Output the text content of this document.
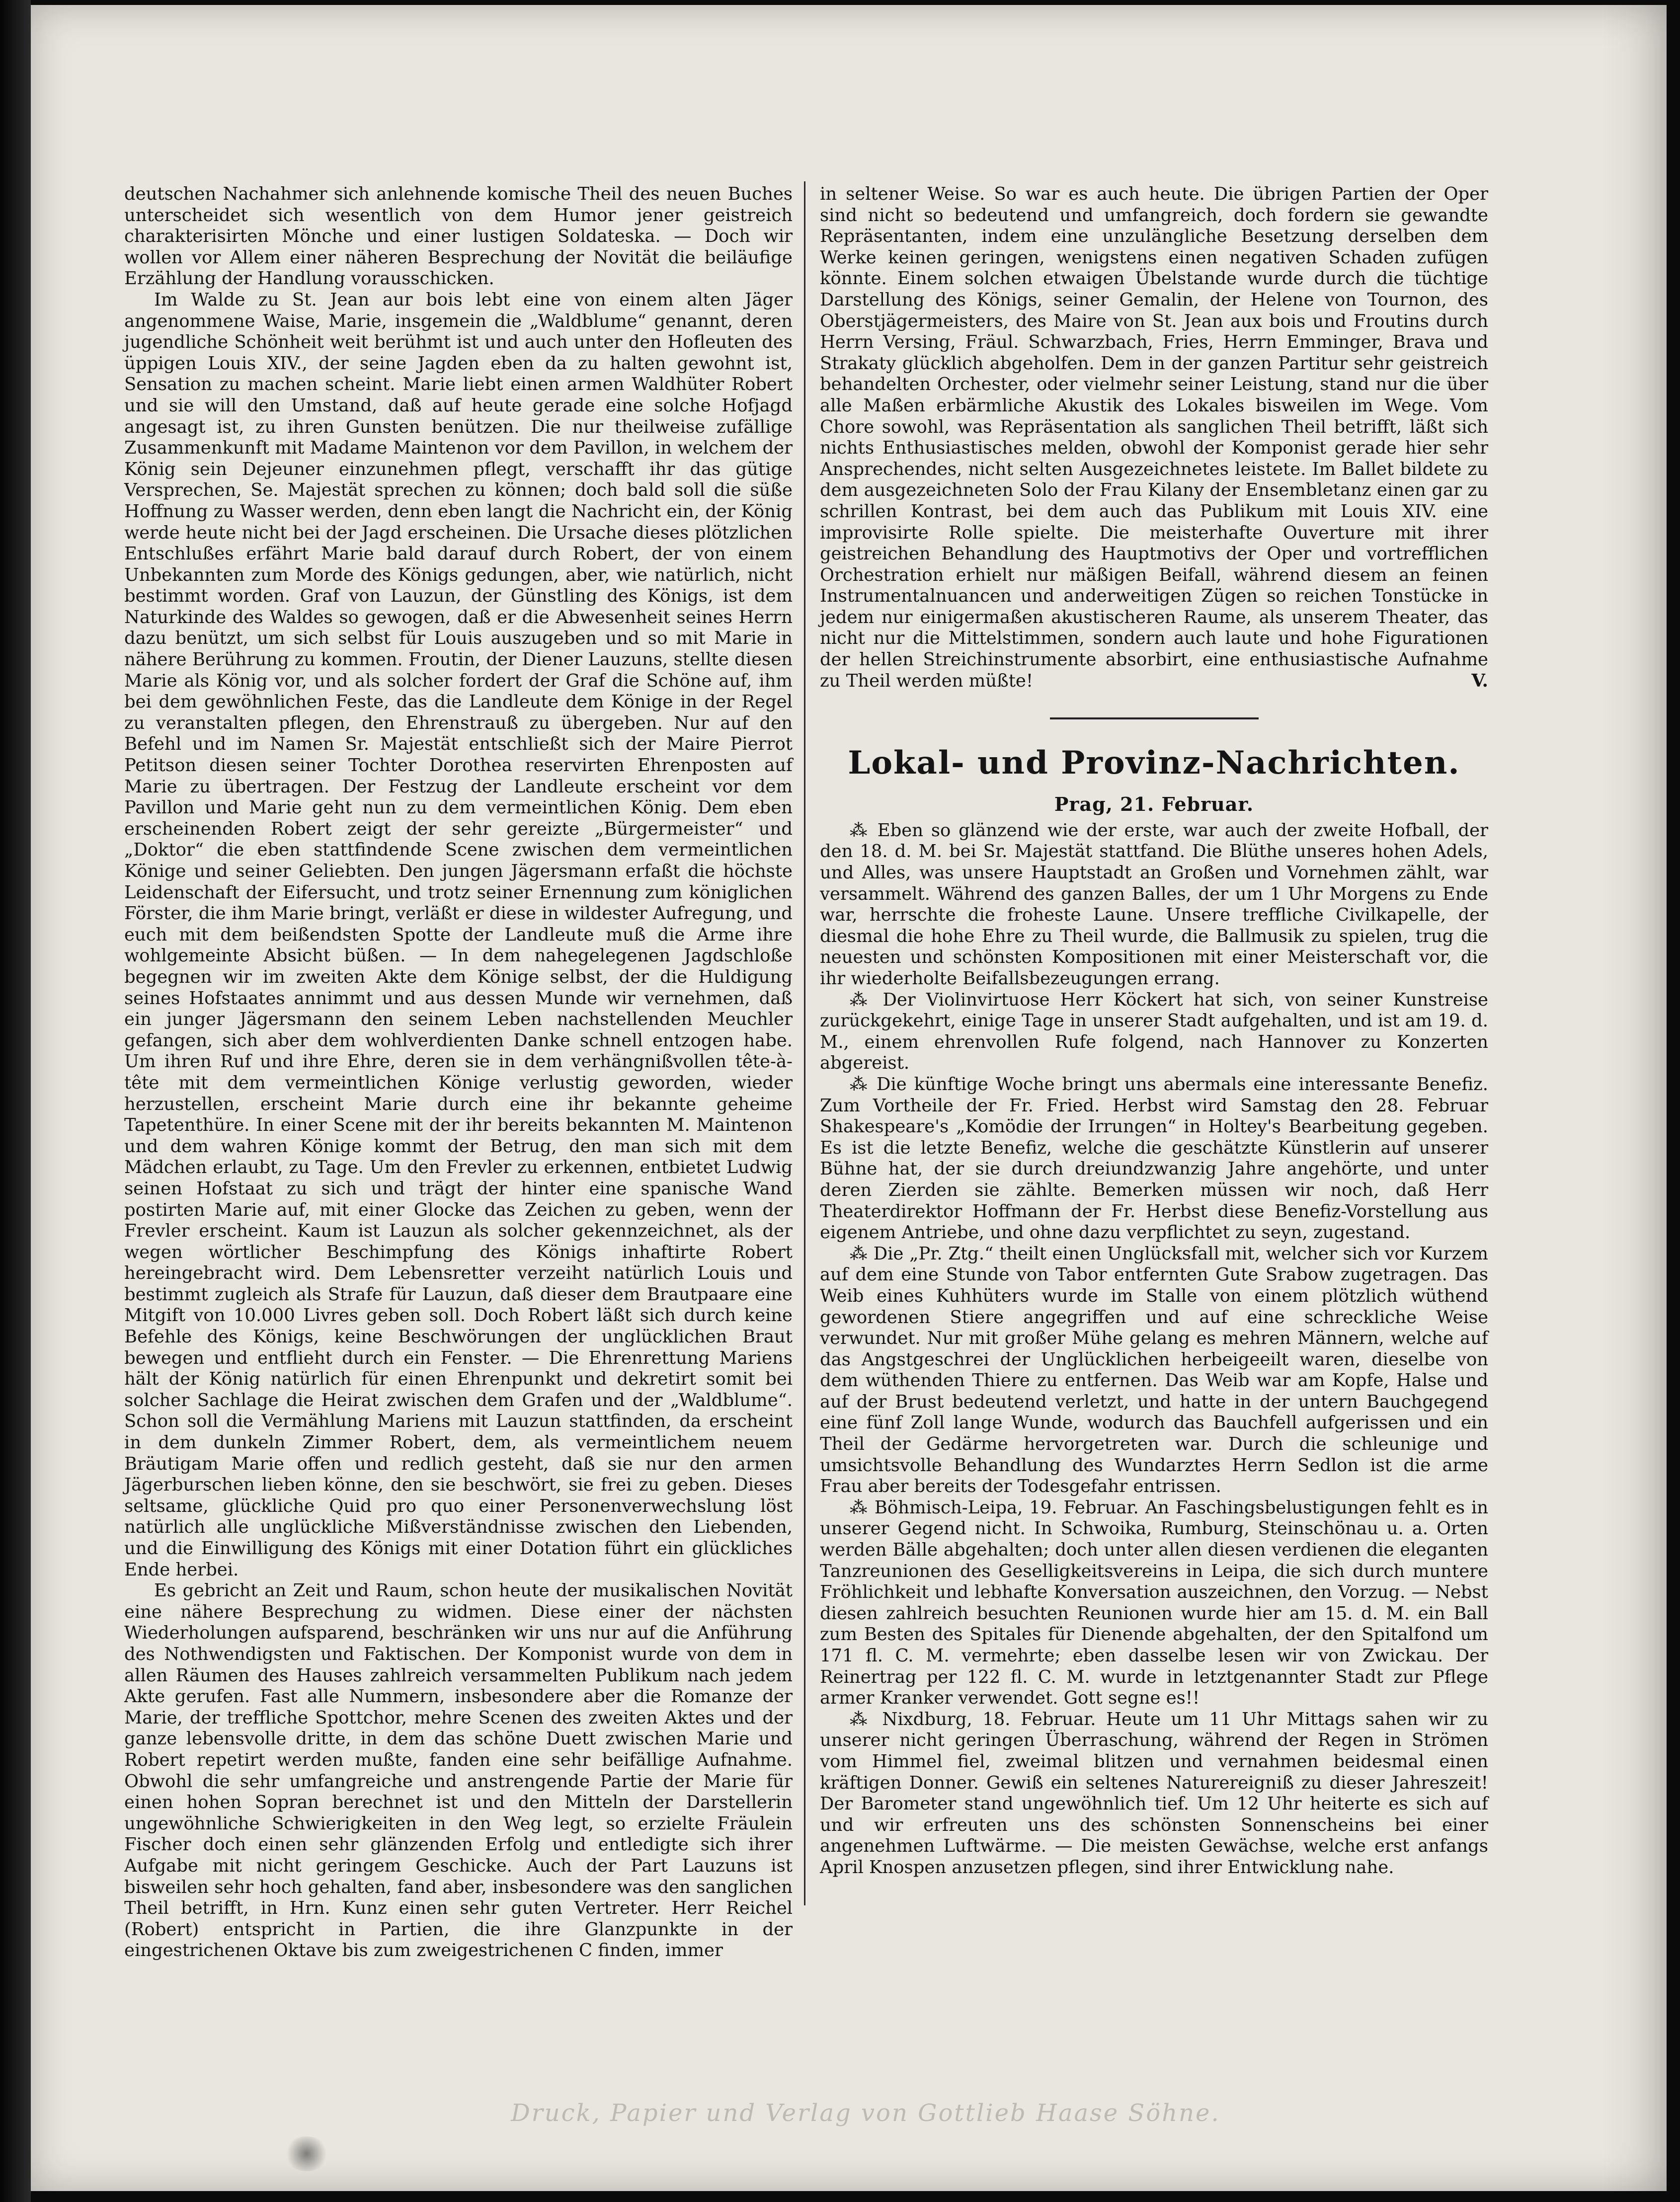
deutschen Nachahmer sich anlehnende komische Theil des neuen Buches unterscheidet sich wesentlich von dem Humor jener geistreich charakterisirten Mönche und einer lustigen Soldateska. — Doch wir wollen vor Allem einer näheren Besprechung der Novität die beiläufige Erzählung der Handlung vorausschicken.

Im Walde zu St. Jean aur bois lebt eine von einem alten Jäger angenommene Waise, Marie, insgemein die „Waldblume“ genannt, deren jugendliche Schönheit weit berühmt ist und auch unter den Hofleuten des üppigen Louis XIV., der seine Jagden eben da zu halten gewohnt ist, Sensation zu machen scheint. Marie liebt einen armen Waldhüter Robert und sie will den Umstand, daß auf heute gerade eine solche Hofjagd angesagt ist, zu ihren Gunsten benützen. Die nur theilweise zufällige Zusammenkunft mit Madame Maintenon vor dem Pavillon, in welchem der König sein Dejeuner einzunehmen pflegt, verschafft ihr das gütige Versprechen, Se. Majestät sprechen zu können; doch bald soll die süße Hoffnung zu Wasser werden, denn eben langt die Nachricht ein, der König werde heute nicht bei der Jagd erscheinen. Die Ursache dieses plötzlichen Entschlußes erfährt Marie bald darauf durch Robert, der von einem Unbekannten zum Morde des Königs gedungen, aber, wie natürlich, nicht bestimmt worden. Graf von Lauzun, der Günstling des Königs, ist dem Naturkinde des Waldes so gewogen, daß er die Abwesenheit seines Herrn dazu benützt, um sich selbst für Louis auszugeben und so mit Marie in nähere Berührung zu kommen. Froutin, der Diener Lauzuns, stellte diesen Marie als König vor, und als solcher fordert der Graf die Schöne auf, ihm bei dem gewöhnlichen Feste, das die Landleute dem Könige in der Regel zu veranstalten pflegen, den Ehrenstrauß zu übergeben. Nur auf den Befehl und im Namen Sr. Majestät entschließt sich der Maire Pierrot Petitson diesen seiner Tochter Dorothea reservirten Ehrenposten auf Marie zu übertragen. Der Festzug der Landleute erscheint vor dem Pavillon und Marie geht nun zu dem vermeintlichen König. Dem eben erscheinenden Robert zeigt der sehr gereizte „Bürgermeister“ und „Doktor“ die eben stattfindende Scene zwischen dem vermeintlichen Könige und seiner Geliebten. Den jungen Jägersmann erfaßt die höchste Leidenschaft der Eifersucht, und trotz seiner Ernennung zum königlichen Förster, die ihm Marie bringt, verläßt er diese in wildester Aufregung, und euch mit dem beißendsten Spotte der Landleute muß die Arme ihre wohlgemeinte Absicht büßen. — In dem nahegelegenen Jagdschloße begegnen wir im zweiten Akte dem Könige selbst, der die Huldigung seines Hofstaates annimmt und aus dessen Munde wir vernehmen, daß ein junger Jägersmann den seinem Leben nachstellenden Meuchler gefangen, sich aber dem wohlverdienten Danke schnell entzogen habe. Um ihren Ruf und ihre Ehre, deren sie in dem verhängnißvollen tête-à-tête mit dem vermeintlichen Könige verlustig geworden, wieder herzustellen, erscheint Marie durch eine ihr bekannte geheime Tapetenthüre. In einer Scene mit der ihr bereits bekannten M. Maintenon und dem wahren Könige kommt der Betrug, den man sich mit dem Mädchen erlaubt, zu Tage. Um den Frevler zu erkennen, entbietet Ludwig seinen Hofstaat zu sich und trägt der hinter eine spanische Wand postirten Marie auf, mit einer Glocke das Zeichen zu geben, wenn der Frevler erscheint. Kaum ist Lauzun als solcher gekennzeichnet, als der wegen wörtlicher Beschimpfung des Königs inhaftirte Robert hereingebracht wird. Dem Lebensretter verzeiht natürlich Louis und bestimmt zugleich als Strafe für Lauzun, daß dieser dem Brautpaare eine Mitgift von 10.000 Livres geben soll. Doch Robert läßt sich durch keine Befehle des Königs, keine Beschwörungen der unglücklichen Braut bewegen und entflieht durch ein Fenster. — Die Ehrenrettung Mariens hält der König natürlich für einen Ehrenpunkt und dekretirt somit bei solcher Sachlage die Heirat zwischen dem Grafen und der „Waldblume“. Schon soll die Vermählung Mariens mit Lauzun stattfinden, da erscheint in dem dunkeln Zimmer Robert, dem, als vermeintlichem neuem Bräutigam Marie offen und redlich gesteht, daß sie nur den armen Jägerburschen lieben könne, den sie beschwört, sie frei zu geben. Dieses seltsame, glückliche Quid pro quo einer Personenverwechslung löst natürlich alle unglückliche Mißverständnisse zwischen den Liebenden, und die Einwilligung des Königs mit einer Dotation führt ein glückliches Ende herbei.

Es gebricht an Zeit und Raum, schon heute der musikalischen Novität eine nähere Besprechung zu widmen. Diese einer der nächsten Wiederholungen aufsparend, beschränken wir uns nur auf die Anführung des Nothwendigsten und Faktischen. Der Komponist wurde von dem in allen Räumen des Hauses zahlreich versammelten Publikum nach jedem Akte gerufen. Fast alle Nummern, insbesondere aber die Romanze der Marie, der treffliche Spottchor, mehre Scenen des zweiten Aktes und der ganze lebensvolle dritte, in dem das schöne Duett zwischen Marie und Robert repetirt werden mußte, fanden eine sehr beifällige Aufnahme. Obwohl die sehr umfangreiche und anstrengende Partie der Marie für einen hohen Sopran berechnet ist und den Mitteln der Darstellerin ungewöhnliche Schwierigkeiten in den Weg legt, so erzielte Fräulein Fischer doch einen sehr glänzenden Erfolg und entledigte sich ihrer Aufgabe mit nicht geringem Geschicke. Auch der Part Lauzuns ist bisweilen sehr hoch gehalten, fand aber, insbesondere was den sanglichen Theil betrifft, in Hrn. Kunz einen sehr guten Vertreter. Herr Reichel (Robert) entspricht in Partien, die ihre Glanzpunkte in der eingestrichenen Oktave bis zum zweigestrichenen C finden, immer

in seltener Weise. So war es auch heute. Die übrigen Partien der Oper sind nicht so bedeutend und umfangreich, doch fordern sie gewandte Repräsentanten, indem eine unzulängliche Besetzung derselben dem Werke keinen geringen, wenigstens einen negativen Schaden zufügen könnte. Einem solchen etwaigen Übelstande wurde durch die tüchtige Darstellung des Königs, seiner Gemalin, der Helene von Tournon, des Oberstjägermeisters, des Maire von St. Jean aux bois und Froutins durch Herrn Versing, Fräul. Schwarzbach, Fries, Herrn Emminger, Brava und Strakaty glücklich abgeholfen. Dem in der ganzen Partitur sehr geistreich behandelten Orchester, oder vielmehr seiner Leistung, stand nur die über alle Maßen erbärmliche Akustik des Lokales bisweilen im Wege. Vom Chore sowohl, was Repräsentation als sanglichen Theil betrifft, läßt sich nichts Enthusiastisches melden, obwohl der Komponist gerade hier sehr Ansprechendes, nicht selten Ausgezeichnetes leistete. Im Ballet bildete zu dem ausgezeichneten Solo der Frau Kilany der Ensembletanz einen gar zu schrillen Kontrast, bei dem auch das Publikum mit Louis XIV. eine improvisirte Rolle spielte. Die meisterhafte Ouverture mit ihrer geistreichen Behandlung des Hauptmotivs der Oper und vortrefflichen Orchestration erhielt nur mäßigen Beifall, während diesem an feinen Instrumentalnuancen und anderweitigen Zügen so reichen Tonstücke in jedem nur einigermaßen akustischeren Raume, als unserem Theater, das nicht nur die Mittelstimmen, sondern auch laute und hohe Figurationen der hellen Streichinstrumente absorbirt, eine enthusiastische Aufnahme zu Theil werden müßte!	V.

Lokal- und Provinz-Nachrichten.
Prag, 21. Februar.

⁂ Eben so glänzend wie der erste, war auch der zweite Hofball, der den 18. d. M. bei Sr. Majestät stattfand. Die Blüthe unseres hohen Adels, und Alles, was unsere Hauptstadt an Großen und Vornehmen zählt, war versammelt. Während des ganzen Balles, der um 1 Uhr Morgens zu Ende war, herrschte die froheste Laune. Unsere treffliche Civilkapelle, der diesmal die hohe Ehre zu Theil wurde, die Ballmusik zu spielen, trug die neuesten und schönsten Kompositionen mit einer Meisterschaft vor, die ihr wiederholte Beifallsbezeugungen errang.

⁂ Der Violinvirtuose Herr Köckert hat sich, von seiner Kunstreise zurückgekehrt, einige Tage in unserer Stadt aufgehalten, und ist am 19. d. M., einem ehrenvollen Rufe folgend, nach Hannover zu Konzerten abgereist.

⁂ Die künftige Woche bringt uns abermals eine interessante Benefiz. Zum Vortheile der Fr. Fried. Herbst wird Samstag den 28. Februar Shakespeare's „Komödie der Irrungen“ in Holtey's Bearbeitung gegeben. Es ist die letzte Benefiz, welche die geschätzte Künstlerin auf unserer Bühne hat, der sie durch dreiundzwanzig Jahre angehörte, und unter deren Zierden sie zählte. Bemerken müssen wir noch, daß Herr Theaterdirektor Hoffmann der Fr. Herbst diese Benefiz-Vorstellung aus eigenem Antriebe, und ohne dazu verpflichtet zu seyn, zugestand.

⁂ Die „Pr. Ztg.“ theilt einen Unglücksfall mit, welcher sich vor Kurzem auf dem eine Stunde von Tabor entfernten Gute Srabow zugetragen. Das Weib eines Kuhhüters wurde im Stalle von einem plötzlich wüthend gewordenen Stiere angegriffen und auf eine schreckliche Weise verwundet. Nur mit großer Mühe gelang es mehren Männern, welche auf das Angstgeschrei der Unglücklichen herbeigeeilt waren, dieselbe von dem wüthenden Thiere zu entfernen. Das Weib war am Kopfe, Halse und auf der Brust bedeutend verletzt, und hatte in der untern Bauchgegend eine fünf Zoll lange Wunde, wodurch das Bauchfell aufgerissen und ein Theil der Gedärme hervorgetreten war. Durch die schleunige und umsichtsvolle Behandlung des Wundarztes Herrn Sedlon ist die arme Frau aber bereits der Todesgefahr entrissen.

⁂ Böhmisch-Leipa, 19. Februar. An Faschingsbelustigungen fehlt es in unserer Gegend nicht. In Schwoika, Rumburg, Steinschönau u. a. Orten werden Bälle abgehalten; doch unter allen diesen verdienen die eleganten Tanzreunionen des Geselligkeitsvereins in Leipa, die sich durch muntere Fröhlichkeit und lebhafte Konversation auszeichnen, den Vorzug. — Nebst diesen zahlreich besuchten Reunionen wurde hier am 15. d. M. ein Ball zum Besten des Spitales für Dienende abgehalten, der den Spitalfond um 171 fl. C. M. vermehrte; eben dasselbe lesen wir von Zwickau. Der Reinertrag per 122 fl. C. M. wurde in letztgenannter Stadt zur Pflege armer Kranker verwendet. Gott segne es!!

⁂ Nixdburg, 18. Februar. Heute um 11 Uhr Mittags sahen wir zu unserer nicht geringen Überraschung, während der Regen in Strömen vom Himmel fiel, zweimal blitzen und vernahmen beidesmal einen kräftigen Donner. Gewiß ein seltenes Naturereigniß zu dieser Jahreszeit! Der Barometer stand ungewöhnlich tief. Um 12 Uhr heiterte es sich auf und wir erfreuten uns des schönsten Sonnenscheins bei einer angenehmen Luftwärme. — Die meisten Gewächse, welche erst anfangs April Knospen anzusetzen pflegen, sind ihrer Entwicklung nahe.

Druck, Papier und Verlag von Gottlieb Haase Söhne.
